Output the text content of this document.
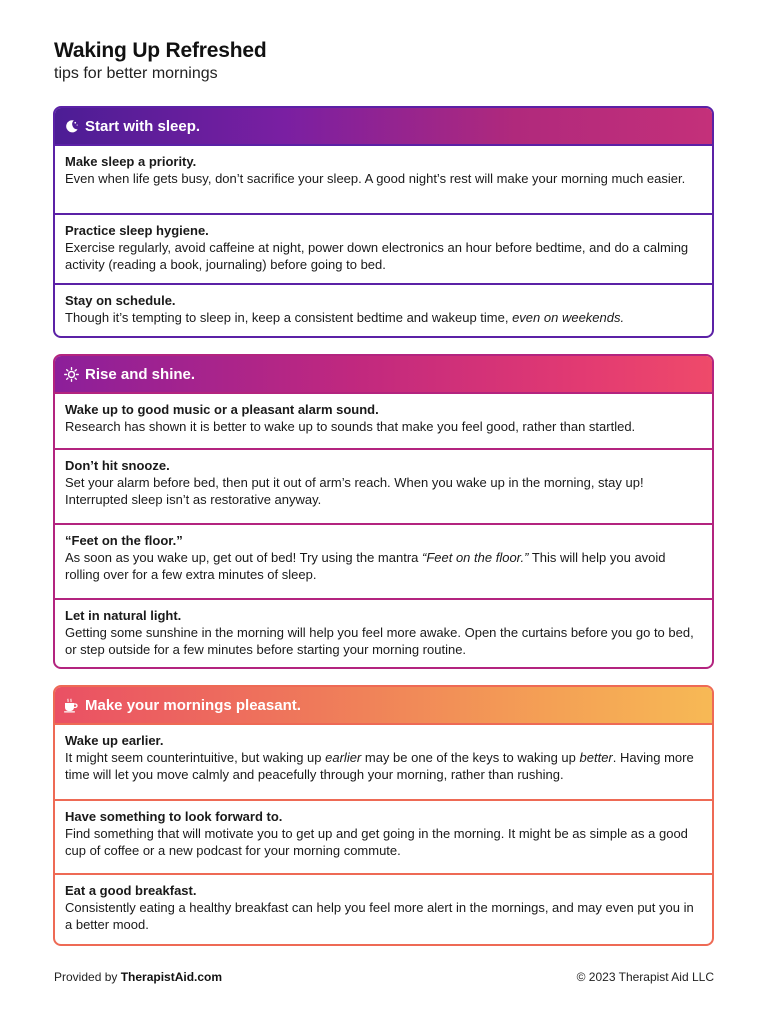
Waking Up Refreshed

tips for better mornings

Start with sleep.
Make sleep a priority.
Even when life gets busy, don’t sacrifice your sleep. A good night’s rest will make your morning much easier.
Practice sleep hygiene.
Exercise regularly, avoid caffeine at night, power down electronics an hour before bedtime, and do a calming activity (reading a book, journaling) before going to bed.
Stay on schedule.
Though it’s tempting to sleep in, keep a consistent bedtime and wakeup time, even on weekends.
Rise and shine.
Wake up to good music or a pleasant alarm sound.
Research has shown it is better to wake up to sounds that make you feel good, rather than startled.
Don’t hit snooze.
Set your alarm before bed, then put it out of arm’s reach. When you wake up in the morning, stay up! Interrupted sleep isn’t as restorative anyway.
“Feet on the floor.”
As soon as you wake up, get out of bed! Try using the mantra “Feet on the floor.” This will help you avoid rolling over for a few extra minutes of sleep.
Let in natural light.
Getting some sunshine in the morning will help you feel more awake. Open the curtains before you go to bed, or step outside for a few minutes before starting your morning routine.
Make your mornings pleasant.
Wake up earlier.
It might seem counterintuitive, but waking up earlier may be one of the keys to waking up better. Having more time will let you move calmly and peacefully through your morning, rather than rushing.
Have something to look forward to.
Find something that will motivate you to get up and get going in the morning. It might be as simple as a good cup of coffee or a new podcast for your morning commute.
Eat a good breakfast.
Consistently eating a healthy breakfast can help you feel more alert in the mornings, and may even put you in a better mood.
Provided by TherapistAid.com	© 2023 Therapist Aid LLC
